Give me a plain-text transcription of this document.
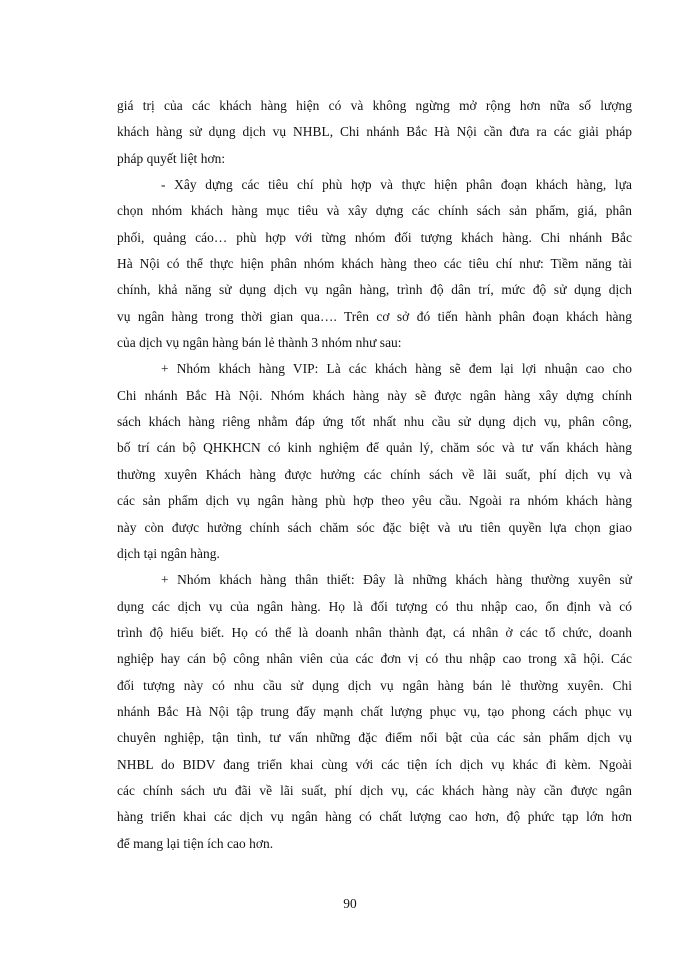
giá trị của các khách hàng hiện có và không ngừng mở rộng hơn nữa số lượng
khách hàng sử dụng dịch vụ NHBL, Chi nhánh Bắc Hà Nội cần đưa ra các giải pháp
pháp quyết liệt hơn:
- Xây dựng các tiêu chí phù hợp và thực hiện phân đoạn khách hàng, lựa
chọn nhóm khách hàng mục tiêu và xây dựng các chính sách sản phẩm, giá, phân
phối, quảng cáo… phù hợp với từng nhóm đối tượng khách hàng. Chi nhánh Bắc
Hà Nội có thể thực hiện phân nhóm khách hàng theo các tiêu chí như: Tiềm năng tài
chính, khả năng sử dụng dịch vụ ngân hàng, trình độ dân trí, mức độ sử dụng dịch
vụ ngân hàng trong thời gian qua…. Trên cơ sở đó tiến hành phân đoạn khách hàng
của dịch vụ ngân hàng bán lẻ thành 3 nhóm như sau:
+ Nhóm khách hàng VIP: Là các khách hàng sẽ đem lại lợi nhuận cao cho
Chi nhánh Bắc Hà Nội. Nhóm khách hàng này sẽ được ngân hàng xây dựng chính
sách khách hàng riêng nhằm đáp ứng tốt nhất nhu cầu sử dụng dịch vụ, phân công,
bố trí cán bộ QHKHCN có kinh nghiệm để quản lý, chăm sóc và tư vấn khách hàng
thường xuyên Khách hàng được hưởng các chính sách về lãi suất, phí dịch vụ và
các sản phẩm dịch vụ ngân hàng phù hợp theo yêu cầu. Ngoài ra nhóm khách hàng
này còn được hưởng chính sách chăm sóc đặc biệt và ưu tiên quyền lựa chọn giao
dịch tại ngân hàng.
+ Nhóm khách hàng thân thiết: Đây là những khách hàng thường xuyên sử
dụng các dịch vụ của ngân hàng. Họ là đối tượng có thu nhập cao, ổn định và có
trình độ hiểu biết. Họ có thể là doanh nhân thành đạt, cá nhân ở các tổ chức, doanh
nghiệp hay cán bộ công nhân viên của các đơn vị có thu nhập cao trong xã hội. Các
đối tượng này có nhu cầu sử dụng dịch vụ ngân hàng bán lẻ thường xuyên. Chi
nhánh Bắc Hà Nội tập trung đẩy mạnh chất lượng phục vụ, tạo phong cách phục vụ
chuyên nghiệp, tận tình, tư vấn những đặc điểm nổi bật của các sản phẩm dịch vụ
NHBL do BIDV đang triển khai cùng với các tiện ích dịch vụ khác đi kèm. Ngoài
các chính sách ưu đãi về lãi suất, phí dịch vụ, các khách hàng này cần được ngân
hàng triển khai các dịch vụ ngân hàng có chất lượng cao hơn, độ phức tạp lớn hơn
để mang lại tiện ích cao hơn.
90
